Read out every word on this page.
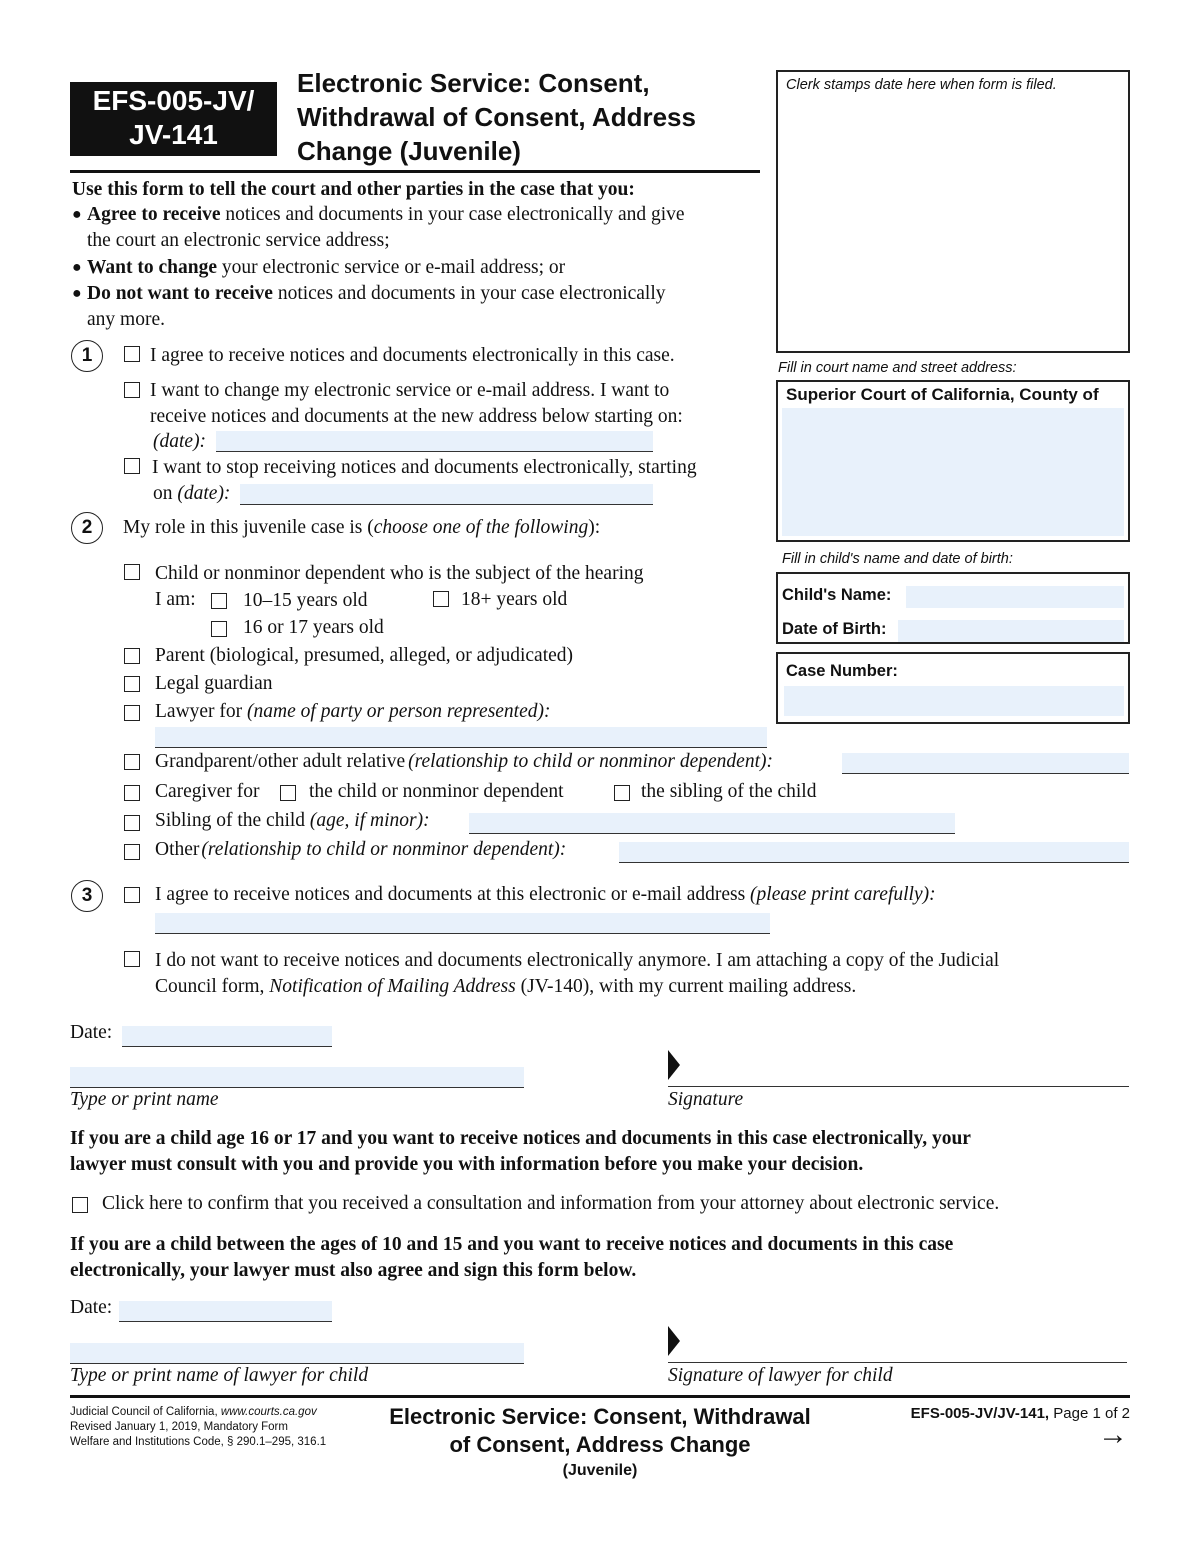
EFS-005-JV/
JV-141
Electronic Service: Consent,
Withdrawal of Consent, Address
Change (Juvenile)
Clerk stamps date here when form is filed.
Fill in court name and street address:
Superior Court of California, County of
Fill in child's name and date of birth:
Child's Name:
Date of Birth:
Case Number:
Use this form to tell the court and other parties in the case that you:
● Agree to receive notices and documents in your case electronically and give
the court an electronic service address;
● Want to change your electronic service or e-mail address; or
● Do not want to receive notices and documents in your case electronically
any more.
1	I agree to receive notices and documents electronically in this case.
I want to change my electronic service or e-mail address. I want to
receive notices and documents at the new address below starting on:
(date):
I want to stop receiving notices and documents electronically, starting
on (date):
2	My role in this juvenile case is (choose one of the following):
Child or nonminor dependent who is the subject of the hearing
I am: 10–15 years old	18+ years old
16 or 17 years old
Parent (biological, presumed, alleged, or adjudicated)
Legal guardian
Lawyer for (name of party or person represented):
Grandparent/other adult relative (relationship to child or nonminor dependent):
Caregiver for	the child or nonminor dependent	the sibling of the child
Sibling of the child (age, if minor):
Other (relationship to child or nonminor dependent):
3	I agree to receive notices and documents at this electronic or e-mail address (please print carefully):
I do not want to receive notices and documents electronically anymore. I am attaching a copy of the Judicial
Council form, Notification of Mailing Address (JV-140), with my current mailing address.
Date:
Type or print name	Signature
If you are a child age 16 or 17 and you want to receive notices and documents in this case electronically, your
lawyer must consult with you and provide you with information before you make your decision.
Click here to confirm that you received a consultation and information from your attorney about electronic service.
If you are a child between the ages of 10 and 15 and you want to receive notices and documents in this case
electronically, your lawyer must also agree and sign this form below.
Date:
Type or print name of lawyer for child	Signature of lawyer for child
Judicial Council of California, www.courts.ca.gov
Revised January 1, 2019, Mandatory Form
Welfare and Institutions Code, § 290.1–295, 316.1
Electronic Service: Consent, Withdrawal
of Consent, Address Change
(Juvenile)
EFS-005-JV/JV-141, Page 1 of 2
→
